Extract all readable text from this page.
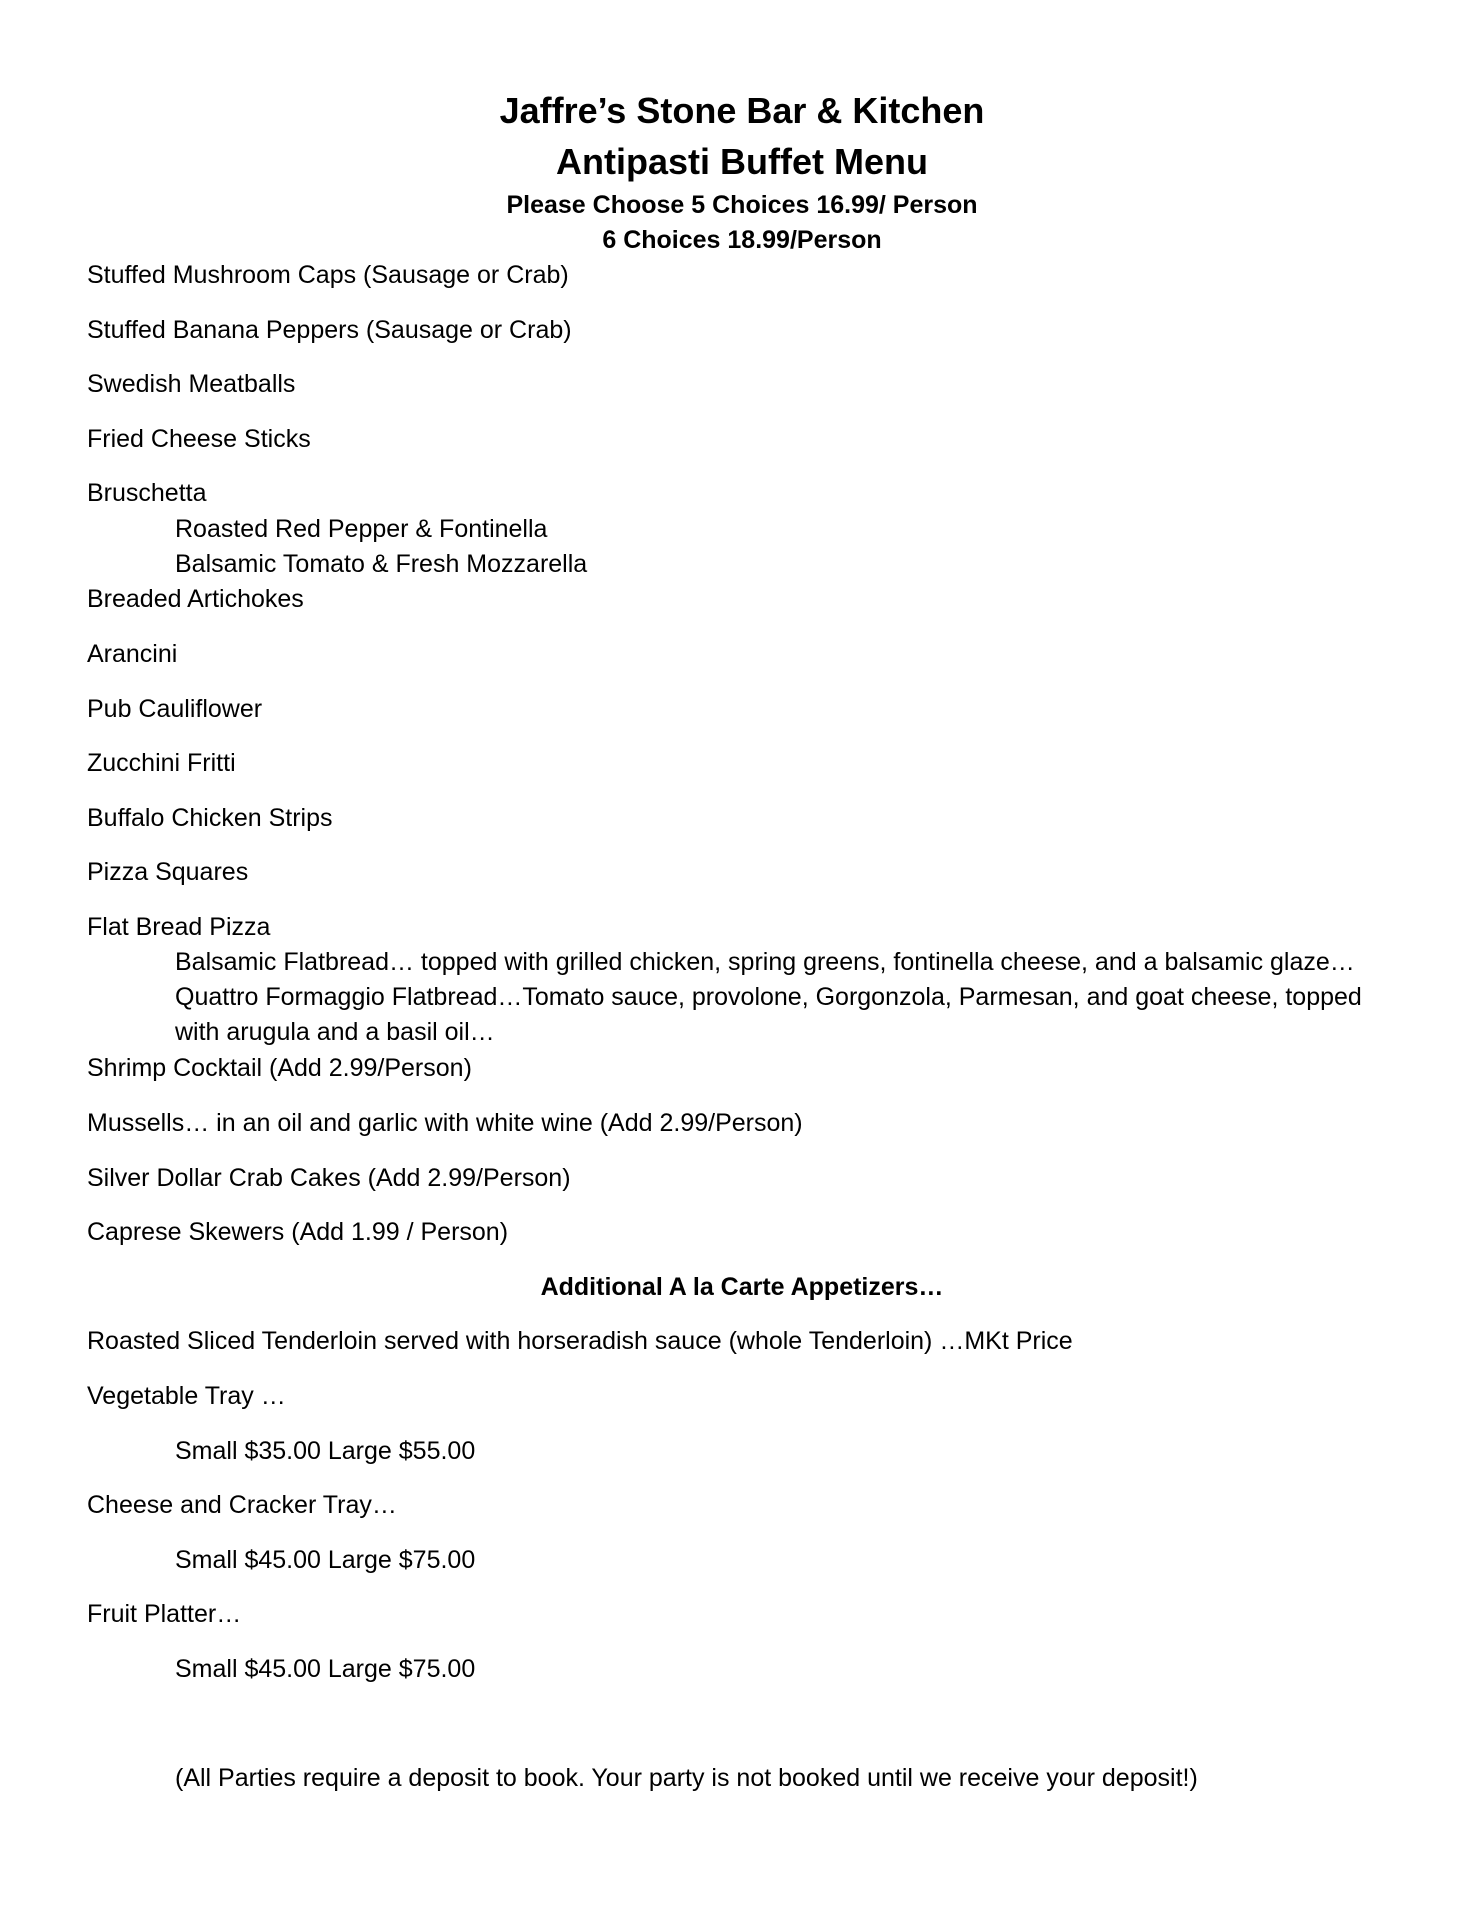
Jaffre’s Stone Bar & Kitchen
Antipasti Buffet Menu
Please Choose 5 Choices 16.99/ Person
6 Choices 18.99/Person
Stuffed Mushroom Caps (Sausage or Crab)
Stuffed Banana Peppers (Sausage or Crab)
Swedish Meatballs
Fried Cheese Sticks
Bruschetta
Roasted Red Pepper & Fontinella
Balsamic Tomato & Fresh Mozzarella
Breaded Artichokes
Arancini
Pub Cauliflower
Zucchini Fritti
Buffalo Chicken Strips
Pizza Squares
Flat Bread Pizza
Balsamic Flatbread… topped with grilled chicken, spring greens, fontinella cheese, and a balsamic glaze…
Quattro Formaggio Flatbread…Tomato sauce, provolone, Gorgonzola, Parmesan, and goat cheese, topped with arugula and a basil oil…
Shrimp Cocktail (Add 2.99/Person)
Mussells… in an oil and garlic with white wine (Add 2.99/Person)
Silver Dollar Crab Cakes (Add 2.99/Person)
Caprese Skewers (Add 1.99 / Person)
Additional A la Carte Appetizers…
Roasted Sliced Tenderloin served with horseradish sauce (whole Tenderloin) …MKt Price
Vegetable Tray …
Small $35.00 Large $55.00
Cheese and Cracker Tray…
Small $45.00 Large $75.00
Fruit Platter…
Small $45.00 Large $75.00
(All Parties require a deposit to book. Your party is not booked until we receive your deposit!)
